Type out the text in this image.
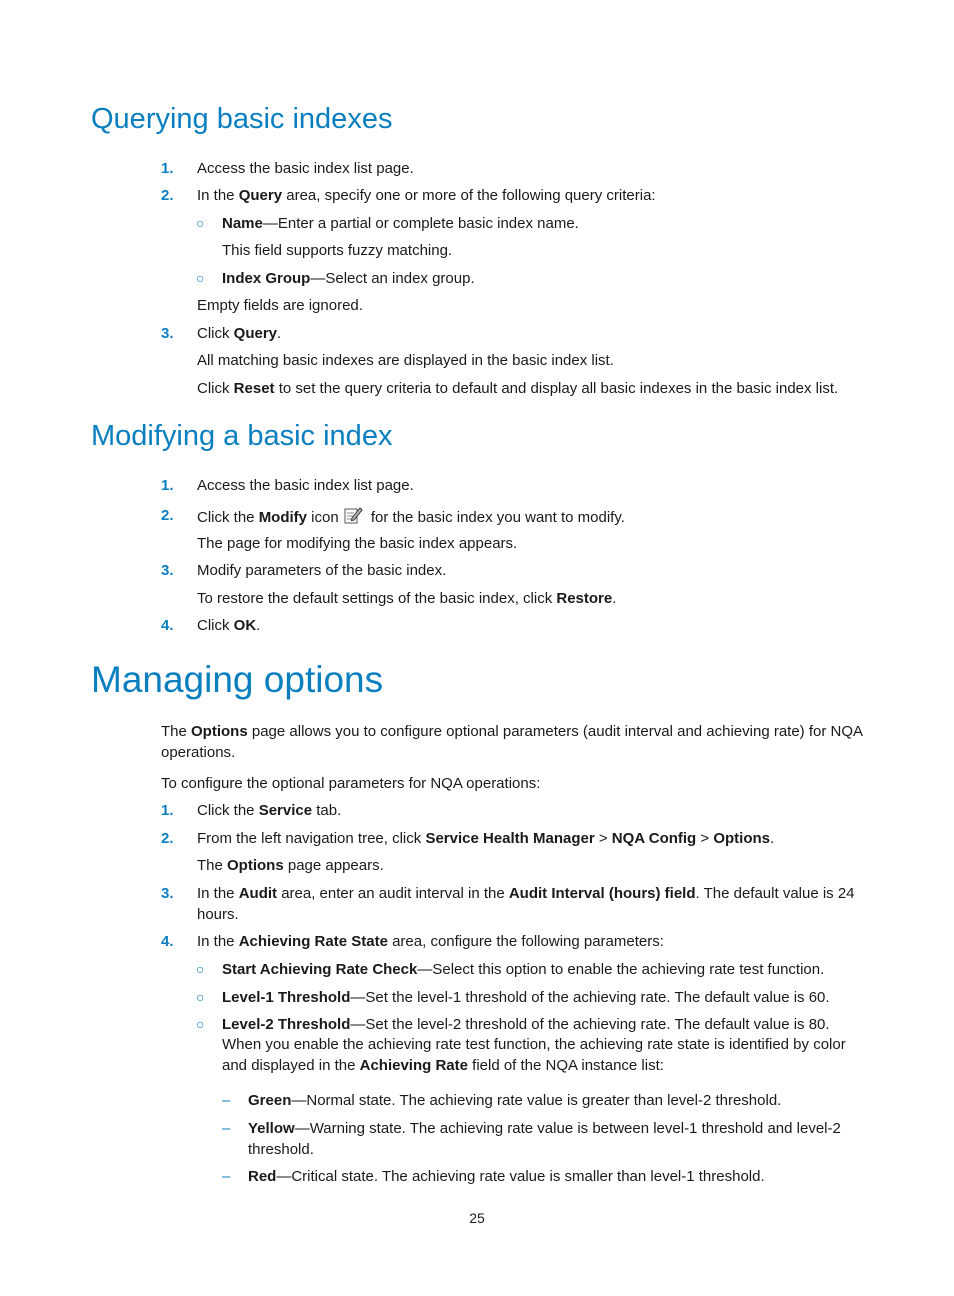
Querying basic indexes
1. Access the basic index list page.
2. In the Query area, specify one or more of the following query criteria:
○ Name—Enter a partial or complete basic index name.
This field supports fuzzy matching.
○ Index Group—Select an index group.
Empty fields are ignored.
3. Click Query.
All matching basic indexes are displayed in the basic index list.
Click Reset to set the query criteria to default and display all basic indexes in the basic index list.
Modifying a basic index
1. Access the basic index list page.
2. Click the Modify icon for the basic index you want to modify.
The page for modifying the basic index appears.
3. Modify parameters of the basic index.
To restore the default settings of the basic index, click Restore.
4. Click OK.
Managing options
The Options page allows you to configure optional parameters (audit interval and achieving rate) for NQA operations.
To configure the optional parameters for NQA operations:
1. Click the Service tab.
2. From the left navigation tree, click Service Health Manager > NQA Config > Options.
The Options page appears.
3. In the Audit area, enter an audit interval in the Audit Interval (hours) field. The default value is 24 hours.
4. In the Achieving Rate State area, configure the following parameters:
○ Start Achieving Rate Check—Select this option to enable the achieving rate test function.
○ Level-1 Threshold—Set the level-1 threshold of the achieving rate. The default value is 60.
○ Level-2 Threshold—Set the level-2 threshold of the achieving rate. The default value is 80.
When you enable the achieving rate test function, the achieving rate state is identified by color and displayed in the Achieving Rate field of the NQA instance list:
– Green—Normal state. The achieving rate value is greater than level-2 threshold.
– Yellow—Warning state. The achieving rate value is between level-1 threshold and level-2 threshold.
– Red—Critical state. The achieving rate value is smaller than level-1 threshold.
25
